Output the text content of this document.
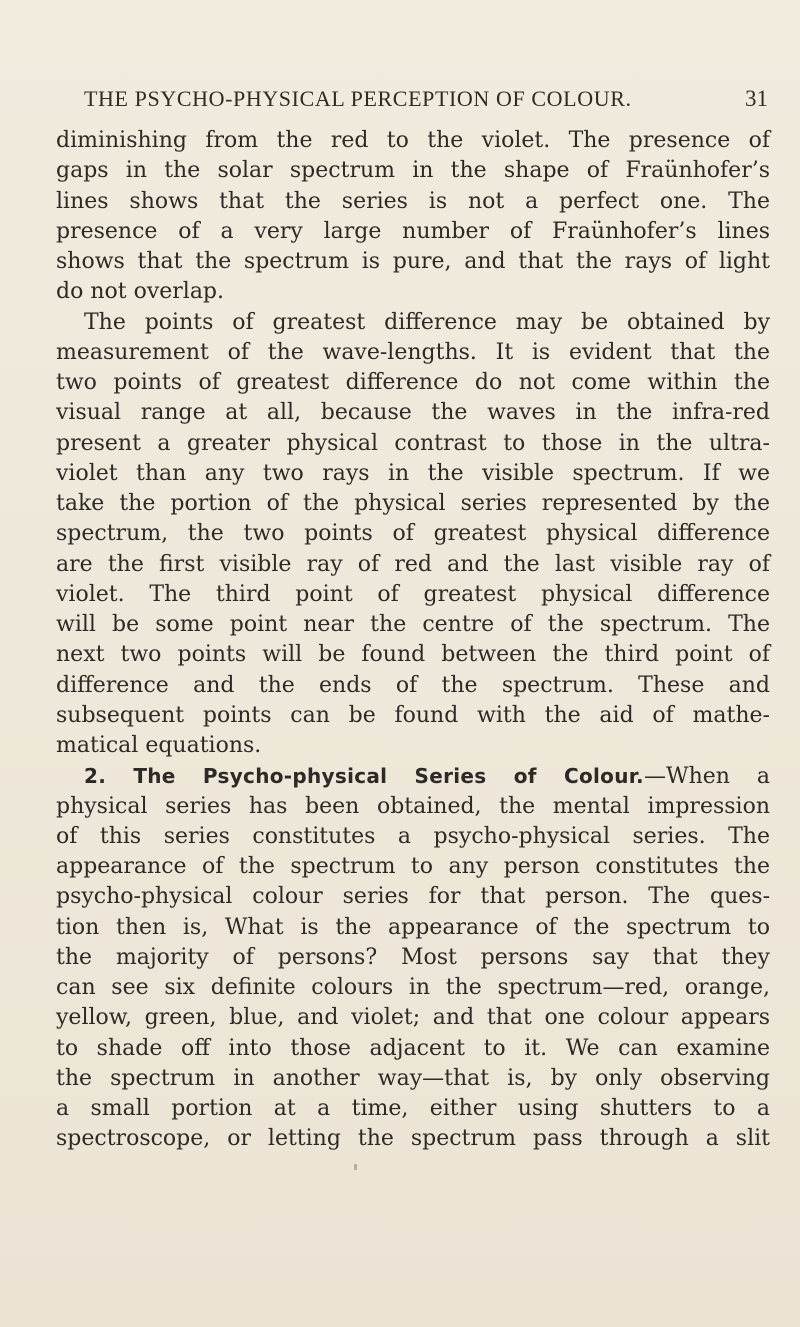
THE PSYCHO-PHYSICAL PERCEPTION OF COLOUR.	31
diminishing from the red to the violet. The presence of
gaps in the solar spectrum in the shape of Fraünhofer’s
lines shows that the series is not a perfect one. The
presence of a very large number of Fraünhofer’s lines
shows that the spectrum is pure, and that the rays of light
do not overlap.
The points of greatest difference may be obtained by
measurement of the wave-lengths. It is evident that the
two points of greatest difference do not come within the
visual range at all, because the waves in the infra-red
present a greater physical contrast to those in the ultra-
violet than any two rays in the visible spectrum. If we
take the portion of the physical series represented by the
spectrum, the two points of greatest physical difference
are the first visible ray of red and the last visible ray of
violet. The third point of greatest physical difference
will be some point near the centre of the spectrum. The
next two points will be found between the third point of
difference and the ends of the spectrum. These and
subsequent points can be found with the aid of mathe-
matical equations.
2. The Psycho-physical Series of Colour.—When a
physical series has been obtained, the mental impression
of this series constitutes a psycho-physical series. The
appearance of the spectrum to any person constitutes the
psycho-physical colour series for that person. The ques-
tion then is, What is the appearance of the spectrum to
the majority of persons? Most persons say that they
can see six definite colours in the spectrum—red, orange,
yellow, green, blue, and violet; and that one colour appears
to shade off into those adjacent to it. We can examine
the spectrum in another way—that is, by only observing
a small portion at a time, either using shutters to a
spectroscope, or letting the spectrum pass through a slit
